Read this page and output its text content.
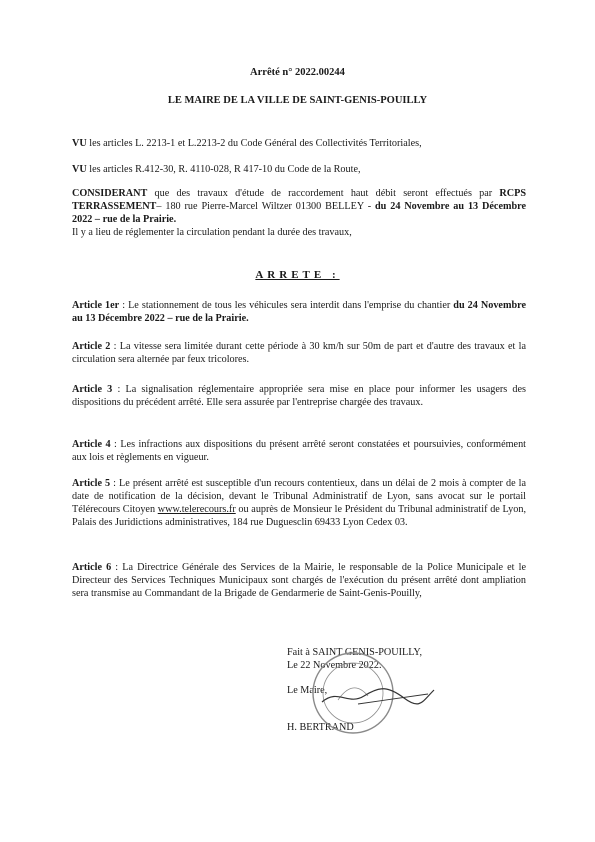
Arrêté n° 2022.00244
LE MAIRE DE LA VILLE DE SAINT-GENIS-POUILLY
VU les articles L. 2213-1 et L.2213-2 du Code Général des Collectivités Territoriales,
VU les articles R.412-30, R. 4110-028, R 417-10 du Code de la Route,
CONSIDERANT que des travaux d'étude de raccordement haut débit seront effectués par RCPS TERRASSEMENT– 180 rue Pierre-Marcel Wiltzer 01300 BELLEY - du 24 Novembre au 13 Décembre 2022 – rue de la Prairie.
Il y a lieu de réglementer la circulation pendant la durée des travaux,
ARRETE :
Article 1er : Le stationnement de tous les véhicules sera interdit dans l'emprise du chantier du 24 Novembre au 13 Décembre 2022 – rue de la Prairie.
Article 2 : La vitesse sera limitée durant cette période à 30 km/h sur 50m de part et d'autre des travaux et la circulation sera alternée par feux tricolores.
Article 3 : La signalisation réglementaire appropriée sera mise en place pour informer les usagers des dispositions du précédent arrêté. Elle sera assurée par l'entreprise chargée des travaux.
Article 4 : Les infractions aux dispositions du présent arrêté seront constatées et poursuivies, conformément aux lois et règlements en vigueur.
Article 5 : Le présent arrêté est susceptible d'un recours contentieux, dans un délai de 2 mois à compter de la date de notification de la décision, devant le Tribunal Administratif de Lyon, sans avocat sur le portail Télérecours Citoyen www.telerecours.fr ou auprès de Monsieur le Président du Tribunal administratif de Lyon, Palais des Juridictions administratives, 184 rue Duguesclin 69433 Lyon Cedex 03.
Article 6 : La Directrice Générale des Services de la Mairie, le responsable de la Police Municipale et le Directeur des Services Techniques Municipaux sont chargés de l'exécution du présent arrêté dont ampliation sera transmise au Commandant de la Brigade de Gendarmerie de Saint-Genis-Pouilly,
Fait à SAINT GENIS-POUILLY,
Le 22 Novembre 2022.
Le Maire,
H. BERTRAND
